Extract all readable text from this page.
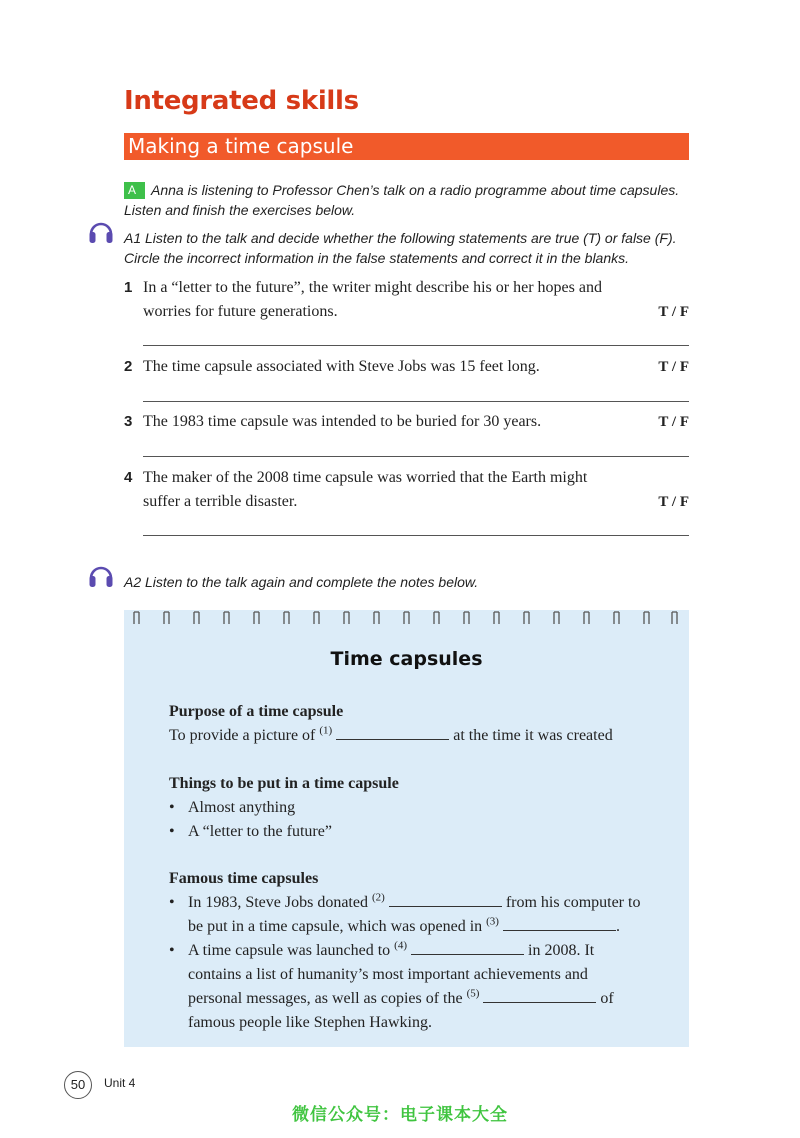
Integrated skills
Making a time capsule
A Anna is listening to Professor Chen’s talk on a radio programme about time capsules.
Listen and finish the exercises below.
A1 Listen to the talk and decide whether the following statements are true (T) or false (F).
Circle the incorrect information in the false statements and correct it in the blanks.
1 In a “letter to the future”, the writer might describe his or her hopes and
worries for future generations.	T / F
2 The time capsule associated with Steve Jobs was 15 feet long.	T / F
3 The 1983 time capsule was intended to be buried for 30 years.	T / F
4 The maker of the 2008 time capsule was worried that the Earth might
suffer a terrible disaster.	T / F
A2 Listen to the talk again and complete the notes below.
Time capsules
Purpose of a time capsule
To provide a picture of $^{(1)}$	at the time it was created
Things to be put in a time capsule
• Almost anything
• A “letter to the future”
Famous time capsules
• In 1983, Steve Jobs donated $^{(2)}$	from his computer to
be put in a time capsule, which was opened in $^{(3)}$	.
• A time capsule was launched to $^{(4)}$	in 2008. It
contains a list of humanity’s most important achievements and
personal messages, as well as copies of the $^{(5)}$	of
famous people like Stephen Hawking.
50	Unit 4
微信公众号：电子课本大全
